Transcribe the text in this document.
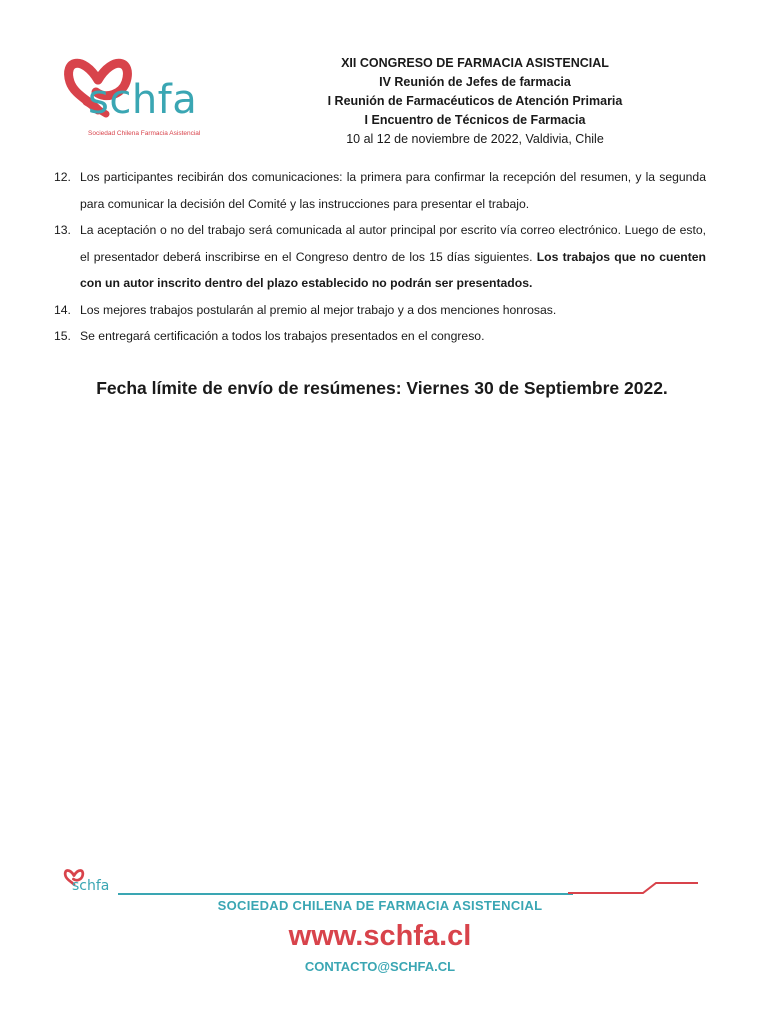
schfa
Sociedad Chilena Farmacia Asistencial
XII CONGRESO DE FARMACIA ASISTENCIAL
IV Reunión de Jefes de farmacia
I Reunión de Farmacéuticos de Atención Primaria
I Encuentro de Técnicos de Farmacia
10 al 12 de noviembre de 2022, Valdivia, Chile
12. Los participantes recibirán dos comunicaciones: la primera para confirmar la recepción del resumen, y la segunda para comunicar la decisión del Comité y las instrucciones para presentar el trabajo.
13. La aceptación o no del trabajo será comunicada al autor principal por escrito vía correo electrónico. Luego de esto, el presentador deberá inscribirse en el Congreso dentro de los 15 días siguientes. Los trabajos que no cuenten con un autor inscrito dentro del plazo establecido no podrán ser presentados.
14. Los mejores trabajos postularán al premio al mejor trabajo y a dos menciones honrosas.
15. Se entregará certificación a todos los trabajos presentados en el congreso.
Fecha límite de envío de resúmenes: Viernes 30 de Septiembre 2022.
schfa
SOCIEDAD CHILENA DE FARMACIA ASISTENCIAL
www.schfa.cl
CONTACTO@SCHFA.CL
